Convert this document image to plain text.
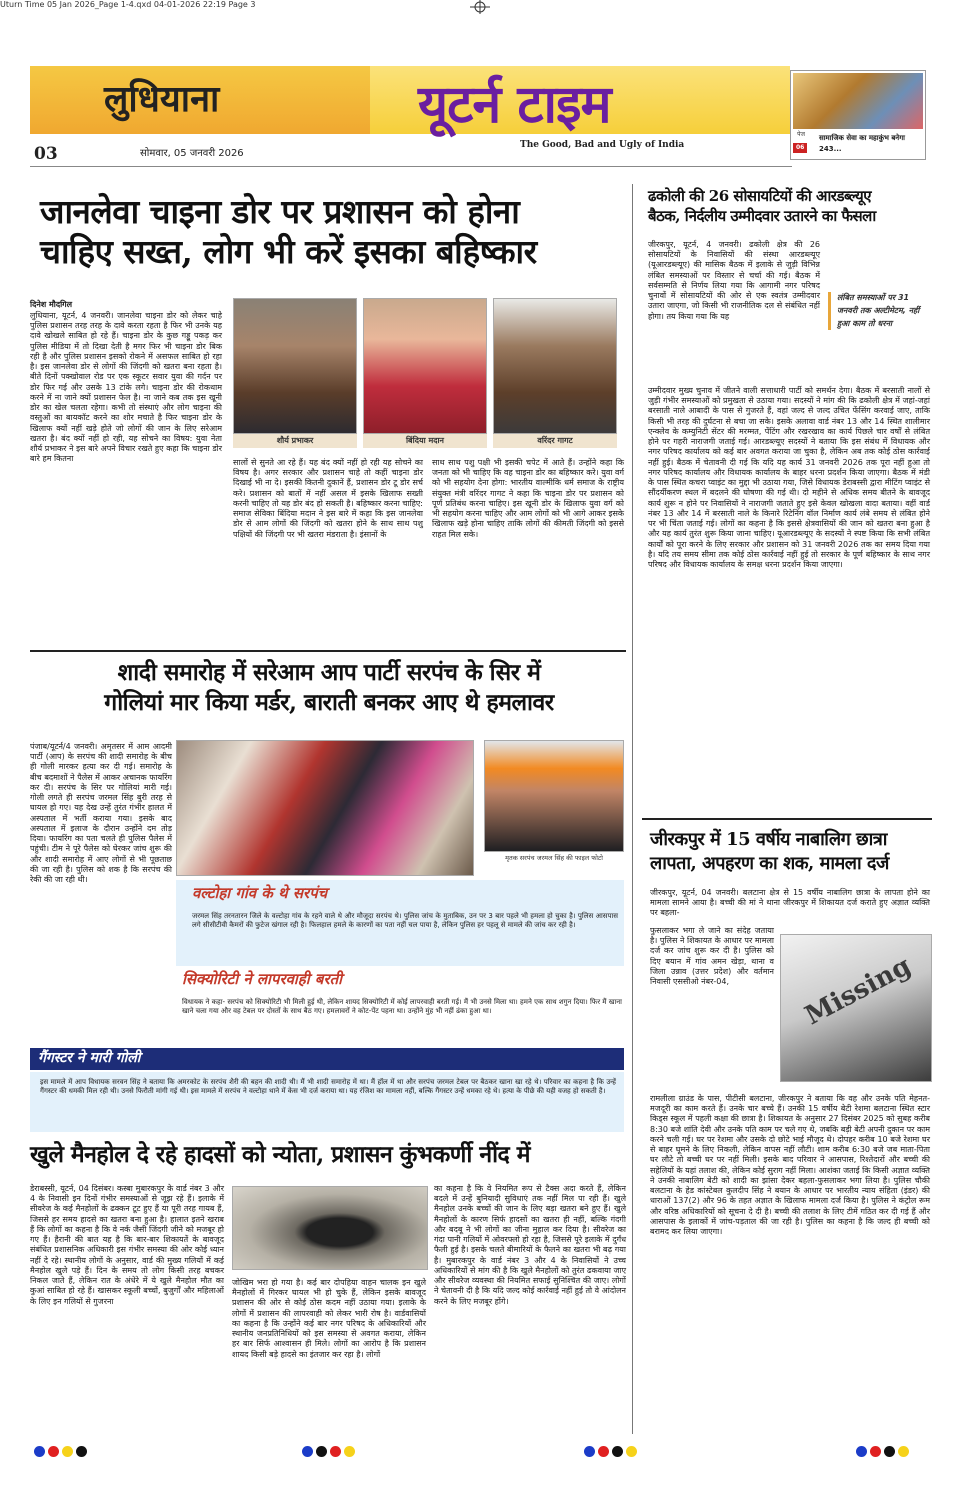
Uturn Time 05 Jan 2026_Page 1-4.qxd 04-01-2026 22:19 Page 3
लुधियाना	यूटर्न टाइम
The Good, Bad and Ugly of India
03	सोमवार, 05 जनवरी 2026
पेज
06
सामाजिक सेवा का महाकुंभ बनेगा 243...
जानलेवा चाइना डोर पर प्रशासन को होना
चाहिए सख्त, लोग भी करें इसका बहिष्कार
दिनेश मौदगिल
लुधियाना, यूटर्न, 4 जनवरी। जानलेवा चाइना डोर को लेकर चाहे पुलिस प्रशासन तरह तरह के दावे करता रहता है फिर भी उनके यह दावे खोखले साबित हो रहे हैं। चाइना डोर के कुछ गड्डू पकड़ कर पुलिस मीडिया में तो दिखा देती है मगर फिर भी चाइना डोर बिक रही है और पुलिस प्रशासन इसको रोकने में असफल साबित हो रहा है। इस जानलेवा डोर से लोगों की जिंदगी को खतरा बना रहता है। बीते दिनों पक्खोवाल रोड पर एक स्कूटर सवार युवा की गर्दन पर डोर फिर गई और उसके 13 टांके लगे। चाइना डोर की रोकथाम करने में ना जाने क्यों प्रशासन फेल है। ना जाने कब तक इस खूनी डोर का खेल चलता रहेगा। कभी तो संस्थाएं और लोग चाइना की वस्तुओं का बायकॉट करने का शोर मचाते है फिर चाइना डोर के खिलाफ क्यों नहीं खड़े होते जो लोगों की जान के लिए सरेआम खतरा है। बंद क्यों नहीं हो रही, यह सोचने का विषय: युवा नेता शौर्य प्रभाकर ने इस बारे अपने विचार रखते हुए कहा कि चाइना डोर बारे हम कितना
शौर्य प्रभाकर	बिंदिया मदान	वरिंदर गागट
सालों से सुनते आ रहे हैं। यह बंद क्यों नहीं हो रही यह सोचने का विषय है। अगर सरकार और प्रशासन चाहे तो कहीं चाइना डोर दिखाई भी ना दे। इसकी कितनी दुकानें हैं, प्रशासन डोर टू डोर सर्च करे। प्रशासन को बातों में नहीं असल में इसके खिलाफ सख्ती करनी चाहिए तो यह डोर बंद हो सकती है। बहिष्कार करना चाहिए: समाज सेविका बिंदिया मदान ने इस बारे में कहा कि इस जानलेवा डोर से आम लोगों की जिंदगी को खतरा होने के साथ साथ पशु पक्षियों की जिंदगी पर भी खतरा मंडराता है। इंसानों के
साथ साथ पशु पक्षी भी इसकी चपेट में आते हैं। उन्होंने कहा कि जनता को भी चाहिए कि वह चाइना डोर का बहिष्कार करे। युवा वर्ग को भी सहयोग देना होगा: भारतीय वाल्मीकि धर्म समाज के राष्ट्रीय संयुक्त मंत्री वरिंदर गागट ने कहा कि चाइना डोर पर प्रशासन को पूर्ण प्रतिबंध करना चाहिए। इस खूनी डोर के खिलाफ युवा वर्ग को भी सहयोग करना चाहिए और आम लोगों को भी आगे आकर इसके खिलाफ खड़े होना चाहिए ताकि लोगों की कीमती जिंदगी को इससे राहत मिल सके।
शादी समारोह में सरेआम आप पार्टी सरपंच के सिर में
गोलियां मार किया मर्डर, बाराती बनकर आए थे हमलावर
पंजाब/यूटर्न/4 जनवरी। अमृतसर में आम आदमी पार्टी (आप) के सरपंच की शादी समारोह के बीच ही गोली मारकर हत्या कर दी गई। समारोह के बीच बदमाशों ने पैलेस में आकर अचानक फायरिंग कर दी। सरपंच के सिर पर गोलियां मारी गई। गोली लगते ही सरपंच जरमल सिंह बुरी तरह से घायल हो गए। यह देख उन्हें तुरंत गंभीर हालत में अस्पताल में भर्ती कराया गया। इसके बाद अस्पताल में इलाज के दौरान उन्होंने दम तोड़ दिया। फायरिंग का पता चलते ही पुलिस पैलेस में पहुंची। टीम ने पूरे पैलेस को घेरकर जांच शुरू की और शादी समारोह में आए लोगों से भी पूछताछ की जा रही है। पुलिस को शक है कि सरपंच की रेकी की जा रही थी।
मृतक सरपंच जरमल सिंह की फाइल फोटो
वल्टोहा गांव के थे सरपंच
जरमल सिंह तरनतारन जिले के वल्टोहा गांव के रहने वाले थे और मौजूदा सरपंच थे। पुलिस जांच के मुताबिक, उन पर 3 बार पहले भी हमला हो चुका है। पुलिस आसपास लगे सीसीटीवी कैमरों की फुटेज खंगाल रही है। फिलहाल हमले के कारणों का पता नहीं चल पाया है, लेकिन पुलिस हर पहलू से मामले की जांच कर रही है।
सिक्योरिटी ने लापरवाही बरती
विधायक ने कहा- सरपंच को सिक्योरिटी भी मिली हुई थी, लेकिन शायद सिक्योरिटी में कोई लापरवाही बरती गई। मैं भी उनसे मिला था। हमने एक साथ शगुन दिया। फिर मैं खाना खाने चला गया और वह टेबल पर दोस्तों के साथ बैठ गए। हमलावरों ने कोट-पेंट पहना था। उन्होंने मुंह भी नहीं ढंका हुआ था।
गैंगस्टर ने मारी गोली
इस मामले में आप विधायक सरवन सिंह ने बताया कि अमरकोट के सरपंच शैरी की बहन की शादी थी। मैं भी शादी समारोह में था। मैं हॉल में था और सरपंच जरमल टेबल पर बैठकर खाना खा रहे थे। परिवार का कहना है कि उन्हें गैंगस्टर की धमकी मिल रही थी। उनसे फिरौती मांगी गई थी। इस मामले में सरपंच ने वल्टोहा थाने में केस भी दर्ज कराया था। यह रंजिश का मामला नहीं, बल्कि गैंगस्टर उन्हें धमका रहे थे। हत्या के पीछे की यही वजह हो सकती है।
खुले मैनहोल दे रहे हादसों को न्योता, प्रशासन कुंभकर्णी नींद में
डेराबस्सी, यूटर्न, 04 दिसंबर। कस्बा मुबारकपुर के वार्ड नंबर 3 और 4 के निवासी इन दिनों गंभीर समस्याओं से जूझ रहे हैं। इलाके में सीवरेज के कई मैनहोलों के ढक्कन टूट हुए हैं या पूरी तरह गायब हैं, जिससे हर समय हादसे का खतरा बना हुआ है। हालात इतने खराब हैं कि लोगों का कहना है कि वे नर्क जैसी जिंदगी जीने को मजबूर हो गए हैं। हैरानी की बात यह है कि बार-बार शिकायतें के बावजूद संबंधित प्रशासनिक अधिकारी इस गंभीर समस्या की ओर कोई ध्यान नहीं दे रहे। स्थानीय लोगों के अनुसार, वार्ड की मुख्य गलियों में कई मैनहोल खुले पड़े हैं। दिन के समय तो लोग किसी तरह बचकर निकल जाते हैं, लेकिन रात के अंधेरे में ये खुले मैनहोल मौत का कुआं साबित हो रहे हैं। खासकर स्कूली बच्चों, बुजुर्गों और महिलाओं के लिए इन गलियों से गुजरना
जोखिम भरा हो गया है। कई बार दोपहिया वाहन चालक इन खुले मैनहोलों में गिरकर घायल भी हो चुके हैं, लेकिन इसके बावजूद प्रशासन की ओर से कोई ठोस कदम नहीं उठाया गया। इलाके के लोगों में प्रशासन की लापरवाही को लेकर भारी रोष है। वार्डवासियों का कहना है कि उन्होंने कई बार नगर परिषद के अधिकारियों और स्थानीय जनप्रतिनिधियों को इस समस्या से अवगत कराया, लेकिन हर बार सिर्फ आश्वासन ही मिले। लोगों का आरोप है कि प्रशासन शायद किसी बड़े हादसे का इंतजार कर रहा है। लोगों
का कहना है कि वे नियमित रूप से टैक्स अदा करते हैं, लेकिन बदले में उन्हें बुनियादी सुविधाएं तक नहीं मिल पा रही हैं। खुले मैनहोल उनके बच्चों की जान के लिए बड़ा खतरा बने हुए हैं। खुले मैनहोलों के कारण सिर्फ हादसों का खतरा ही नहीं, बल्कि गंदगी और बदबू ने भी लोगों का जीना मुहाल कर दिया है। सीवरेज का गंदा पानी गलियों में ओवरफ्लो हो रहा है, जिससे पूरे इलाके में दुर्गंध फैली हुई है। इसके चलते बीमारियों के फैलने का खतरा भी बढ़ गया है। मुबारकपुर के वार्ड नंबर 3 और 4 के निवासियों ने उच्च अधिकारियों से मांग की है कि खुले मैनहोलों को तुरंत ढकवाया जाए और सीवरेज व्यवस्था की नियमित सफाई सुनिश्चित की जाए। लोगों ने चेतावनी दी है कि यदि जल्द कोई कार्रवाई नहीं हुई तो वे आंदोलन करने के लिए मजबूर होंगे।
ढकोली की 26 सोसायटियों की आरडब्ल्यूए
बैठक, निर्दलीय उम्मीदवार उतारने का फैसला
जीरकपुर, यूटर्न, 4 जनवरी। ढकोली क्षेत्र की 26 सोसायटियों के निवासियों की संस्था आरडब्ल्यूए (यूआरडब्ल्यूए) की मासिक बैठक में इलाके से जुड़ी विभिन्न लंबित समस्याओं पर विस्तार से चर्चा की गई। बैठक में सर्वसम्मति से निर्णय लिया गया कि आगामी नगर परिषद चुनावों में सोसायटियों की ओर से एक स्वतंत्र उम्मीदवार उतारा जाएगा, जो किसी भी राजनीतिक दल से संबंधित नहीं होगा। तय किया गया कि यह
लंबित समस्याओं पर 31 जनवरी तक अल्टीमेटम, नहीं हुआ काम तो धरना
उम्मीदवार मुख्य चुनाव में जीतने वाली सत्ताधारी पार्टी को समर्थन देगा। बैठक में बरसाती नालों से जुड़ी गंभीर समस्याओं को प्रमुखता से उठाया गया। सदस्यों ने मांग की कि ढकोली क्षेत्र में जहां-जहां बरसाती नाले आबादी के पास से गुजरते हैं, वहां जल्द से जल्द उचित फेंसिंग करवाई जाए, ताकि किसी भी तरह की दुर्घटना से बचा जा सके। इसके अलावा वार्ड नंबर 13 और 14 स्थित शालीमार एन्क्लेव के कम्युनिटी सेंटर की मरम्मत, पेंटिंग और रखरखाव का कार्य पिछले चार वर्षों से लंबित होने पर गहरी नाराजगी जताई गई। आरडब्ल्यूए सदस्यों ने बताया कि इस संबंध में विधायक और नगर परिषद कार्यालय को कई बार अवगत कराया जा चुका है, लेकिन अब तक कोई ठोस कार्रवाई नहीं हुई। बैठक में चेतावनी दी गई कि यदि यह कार्य 31 जनवरी 2026 तक पूरा नहीं हुआ तो नगर परिषद कार्यालय और विधायक कार्यालय के बाहर धरना प्रदर्शन किया जाएगा। बैठक में मंडी के पास स्थित कचरा प्वाइंट का मुद्दा भी उठाया गया, जिसे विधायक डेराबस्सी द्वारा मीटिंग प्वाइंट से सौंदर्यीकरण स्थल में बदलने की घोषणा की गई थी। दो महीने से अधिक समय बीतने के बावजूद कार्य शुरू न होने पर निवासियों ने नाराजगी जताते हुए इसे केवल खोखला वादा बताया। वहीं वार्ड नंबर 13 और 14 में बरसाती नाले के किनारे रिटेनिंग वॉल निर्माण कार्य लंबे समय से लंबित होने पर भी चिंता जताई गई। लोगों का कहना है कि इससे क्षेत्रवासियों की जान को खतरा बना हुआ है और यह कार्य तुरंत शुरू किया जाना चाहिए। यूआरडब्ल्यूए के सदस्यों ने स्पष्ट किया कि सभी लंबित कार्यों को पूरा करने के लिए सरकार और प्रशासन को 31 जनवरी 2026 तक का समय दिया गया है। यदि तय समय सीमा तक कोई ठोस कार्रवाई नहीं हुई तो सरकार के पूर्ण बहिष्कार के साथ नगर परिषद और विधायक कार्यालय के समक्ष धरना प्रदर्शन किया जाएगा।
जीरकपुर में 15 वर्षीय नाबालिग छात्रा
लापता, अपहरण का शक, मामला दर्ज
जीरकपुर, यूटर्न, 04 जनवरी। बलटाना क्षेत्र से 15 वर्षीय नाबालिग छात्रा के लापता होने का मामला सामने आया है। बच्ची की मां ने थाना जीरकपुर में शिकायत दर्ज कराते हुए अज्ञात व्यक्ति पर बहला-
फुसलाकर भगा ले जाने का संदेह जताया है। पुलिस ने शिकायत के आधार पर मामला दर्ज कर जांच शुरू कर दी है। पुलिस को दिए बयान में गांव अमन खेड़ा, थाना व जिला उन्नाव (उत्तर प्रदेश) और वर्तमान निवासी एससीओ नंबर-04,	Missing
रामलीला ग्राउंड के पास, पीटीसी बलटाना, जीरकपुर ने बताया कि वह और उनके पति मेहनत-मजदूरी का काम करते हैं। उनके चार बच्चे हैं। उनकी 15 वर्षीय बेटी रेशमा बलटाना स्थित स्टार किड्स स्कूल में पहली कक्षा की छात्रा है। शिकायत के अनुसार 27 दिसंबर 2025 को सुबह करीब 8:30 बजे शांति देवी और उनके पति काम पर चले गए थे, जबकि बड़ी बेटी अपनी दुकान पर काम करने चली गई। घर पर रेशमा और उसके दो छोटे भाई मौजूद थे। दोपहर करीब 10 बजे रेशमा घर से बाहर घूमने के लिए निकली, लेकिन वापस नहीं लौटी। शाम करीब 6:30 बजे जब माता-पिता घर लौटे तो बच्ची घर पर नहीं मिली। इसके बाद परिवार ने आसपास, रिश्तेदारों और बच्ची की सहेलियों के यहां तलाश की, लेकिन कोई सुराग नहीं मिला। आशंका जताई कि किसी अज्ञात व्यक्ति ने उनकी नाबालिग बेटी को शादी का झांसा देकर बहला-फुसलाकर भगा लिया है। पुलिस चौकी बलटाना के हेड कांस्टेबल कुलदीप सिंह ने बयान के आधार पर भारतीय न्याय संहिता (इंडर) की धाराओं 137(2) और 96 के तहत अज्ञात के खिलाफ मामला दर्ज किया है। पुलिस ने कंट्रोल रूम और वरिष्ठ अधिकारियों को सूचना दे दी है। बच्ची की तलाश के लिए टीमें गठित कर दी गई हैं और आसपास के इलाकों में जांच-पड़ताल की जा रही है। पुलिस का कहना है कि जल्द ही बच्ची को बरामद कर लिया जाएगा।
